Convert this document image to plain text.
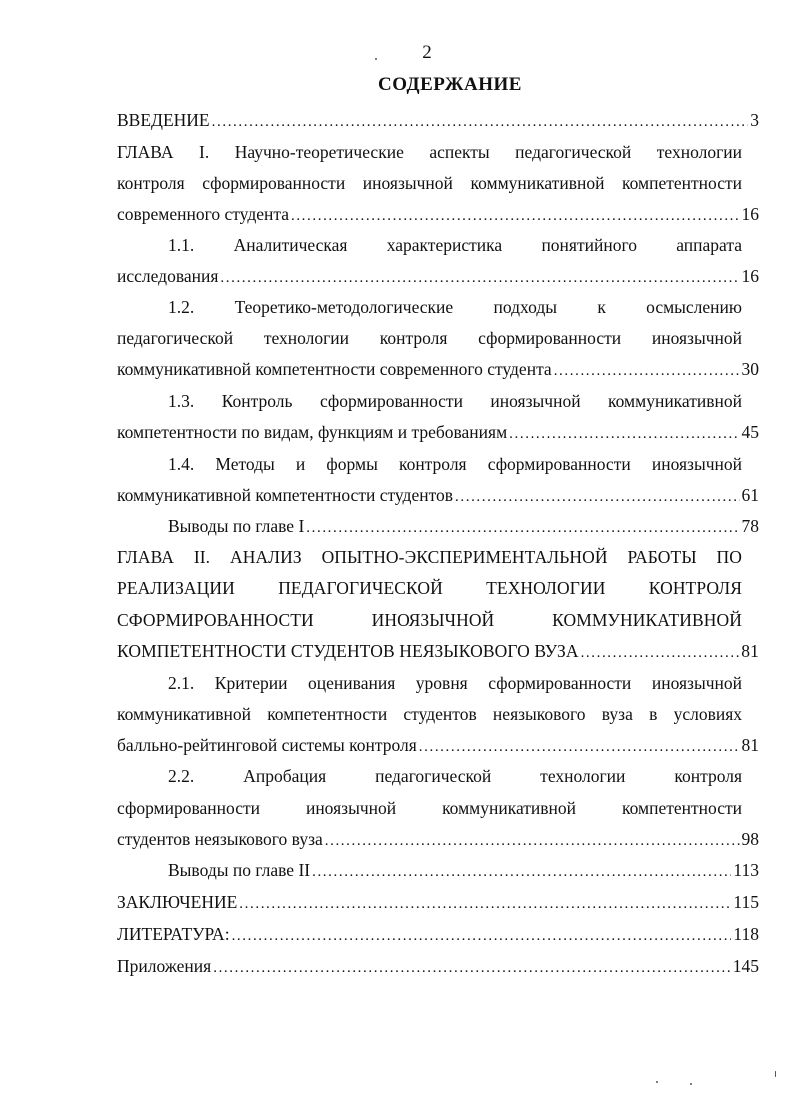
2
СОДЕРЖАНИЕ
ВВЕДЕНИЕ .....	3
ГЛАВА I. Научно-теоретические аспекты педагогической технологии
контроля сформированности иноязычной коммуникативной компетентности
современного студента .....	16
1.1. Аналитическая характеристика понятийного аппарата
исследования .....	16
1.2. Теоретико-методологические подходы к осмыслению
педагогической технологии контроля сформированности иноязычной
коммуникативной компетентности современного студента .....	30
1.3. Контроль сформированности иноязычной коммуникативной
компетентности по видам, функциям и требованиям .....	45
1.4. Методы и формы контроля сформированности иноязычной
коммуникативной компетентности студентов .....	61
Выводы по главе I .....	78
ГЛАВА II. АНАЛИЗ ОПЫТНО-ЭКСПЕРИМЕНТАЛЬНОЙ РАБОТЫ ПО
РЕАЛИЗАЦИИ ПЕДАГОГИЧЕСКОЙ ТЕХНОЛОГИИ КОНТРОЛЯ
СФОРМИРОВАННОСТИ ИНОЯЗЫЧНОЙ КОММУНИКАТИВНОЙ
КОМПЕТЕНТНОСТИ СТУДЕНТОВ НЕЯЗЫКОВОГО ВУЗА .....	81
2.1. Критерии оценивания уровня сформированности иноязычной
коммуникативной компетентности студентов неязыкового вуза в условиях
балльно-рейтинговой системы контроля .....	81
2.2. Апробация педагогической технологии контроля
сформированности иноязычной коммуникативной компетентности
студентов неязыкового вуза .....	98
Выводы по главе II .....	113
ЗАКЛЮЧЕНИЕ .....	115
ЛИТЕРАТУРА: .....	118
Приложения .....	145
